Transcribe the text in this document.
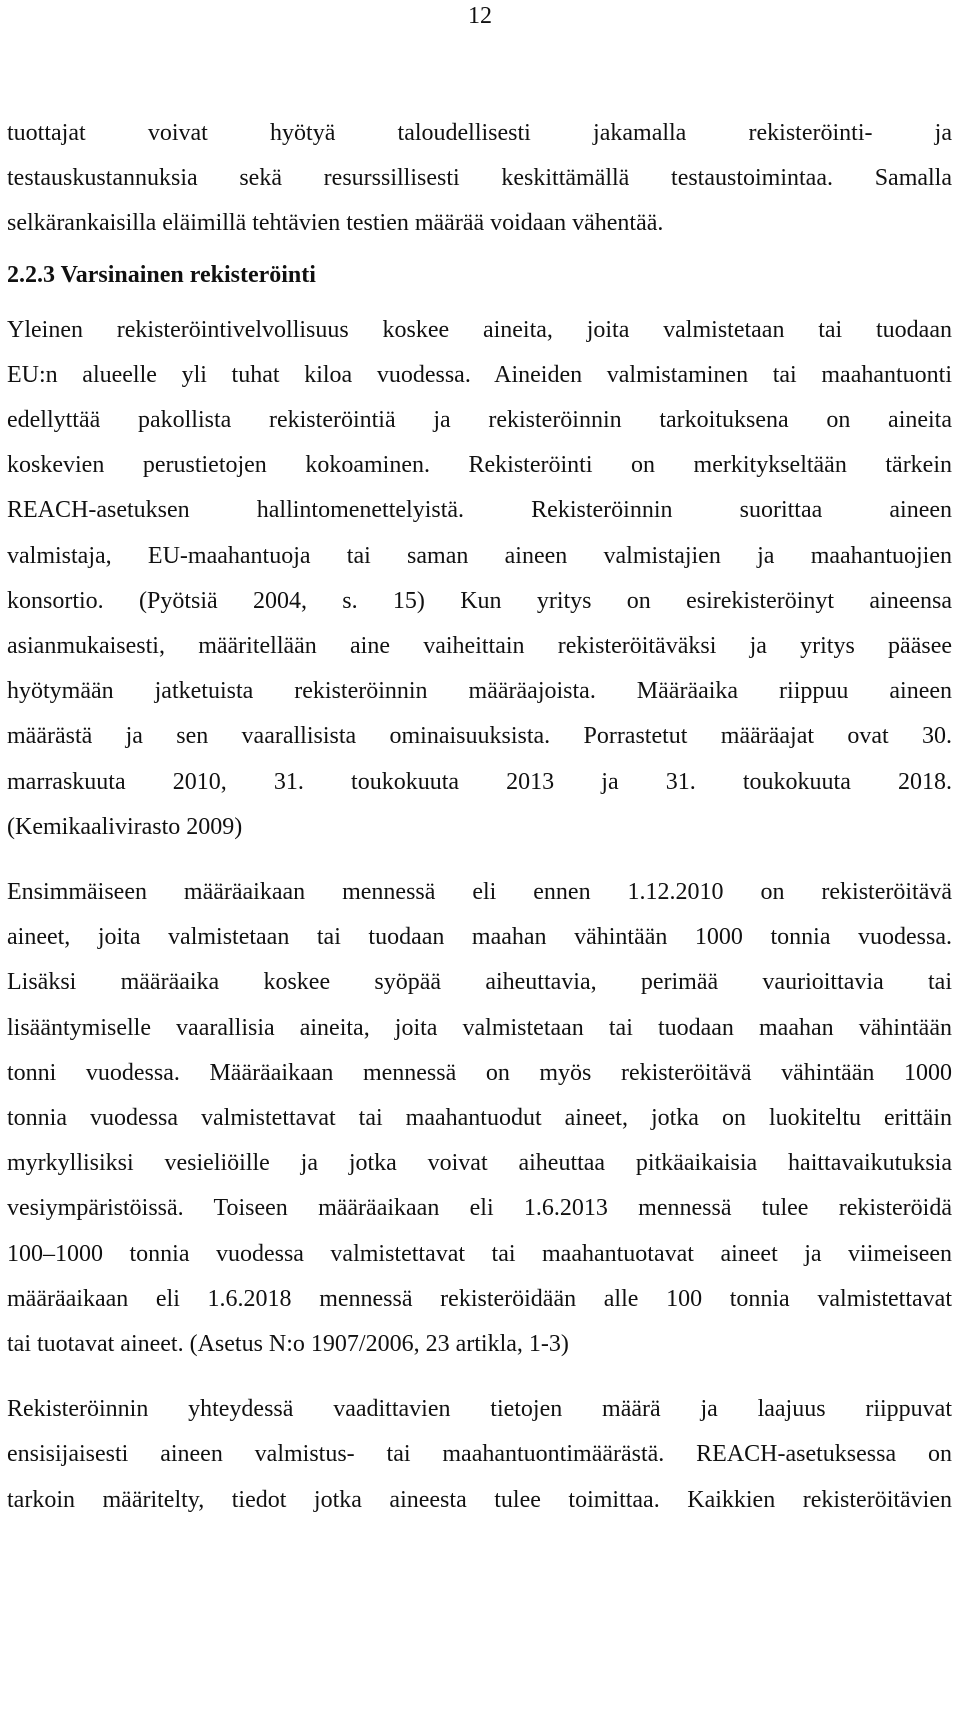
12

tuottajat voivat hyötyä taloudellisesti jakamalla rekisteröinti- ja

testauskustannuksia sekä resurssillisesti keskittämällä testaustoimintaa. Samalla

selkärankaisilla eläimillä tehtävien testien määrää voidaan vähentää.

2.2.3 Varsinainen rekisteröinti

Yleinen rekisteröintivelvollisuus koskee aineita, joita valmistetaan tai tuodaan

EU:n alueelle yli tuhat kiloa vuodessa. Aineiden valmistaminen tai maahantuonti

edellyttää pakollista rekisteröintiä ja rekisteröinnin tarkoituksena on aineita

koskevien perustietojen kokoaminen. Rekisteröinti on merkitykseltään tärkein

REACH-asetuksen hallintomenettelyistä. Rekisteröinnin suorittaa aineen

valmistaja, EU-maahantuoja tai saman aineen valmistajien ja maahantuojien

konsortio. (Pyötsiä 2004, s. 15) Kun yritys on esirekisteröinyt aineensa

asianmukaisesti, määritellään aine vaiheittain rekisteröitäväksi ja yritys pääsee

hyötymään jatketuista rekisteröinnin määräajoista. Määräaika riippuu aineen

määrästä ja sen vaarallisista ominaisuuksista. Porrastetut määräajat ovat 30.

marraskuuta 2010, 31. toukokuuta 2013 ja 31. toukokuuta 2018.

(Kemikaalivirasto 2009)

Ensimmäiseen määräaikaan mennessä eli ennen 1.12.2010 on rekisteröitävä

aineet, joita valmistetaan tai tuodaan maahan vähintään 1000 tonnia vuodessa.

Lisäksi määräaika koskee syöpää aiheuttavia, perimää vaurioittavia tai

lisääntymiselle vaarallisia aineita, joita valmistetaan tai tuodaan maahan vähintään

tonni vuodessa. Määräaikaan mennessä on myös rekisteröitävä vähintään 1000

tonnia vuodessa valmistettavat tai maahantuodut aineet, jotka on luokiteltu erittäin

myrkyllisiksi vesieliöille ja jotka voivat aiheuttaa pitkäaikaisia haittavaikutuksia

vesiympäristöissä. Toiseen määräaikaan eli 1.6.2013 mennessä tulee rekisteröidä

100–1000 tonnia vuodessa valmistettavat tai maahantuotavat aineet ja viimeiseen

määräaikaan eli 1.6.2018 mennessä rekisteröidään alle 100 tonnia valmistettavat

tai tuotavat aineet. (Asetus N:o 1907/2006, 23 artikla, 1-3)

Rekisteröinnin yhteydessä vaadittavien tietojen määrä ja laajuus riippuvat

ensisijaisesti aineen valmistus- tai maahantuontimäärästä. REACH-asetuksessa on

tarkoin määritelty, tiedot jotka aineesta tulee toimittaa. Kaikkien rekisteröitävien
